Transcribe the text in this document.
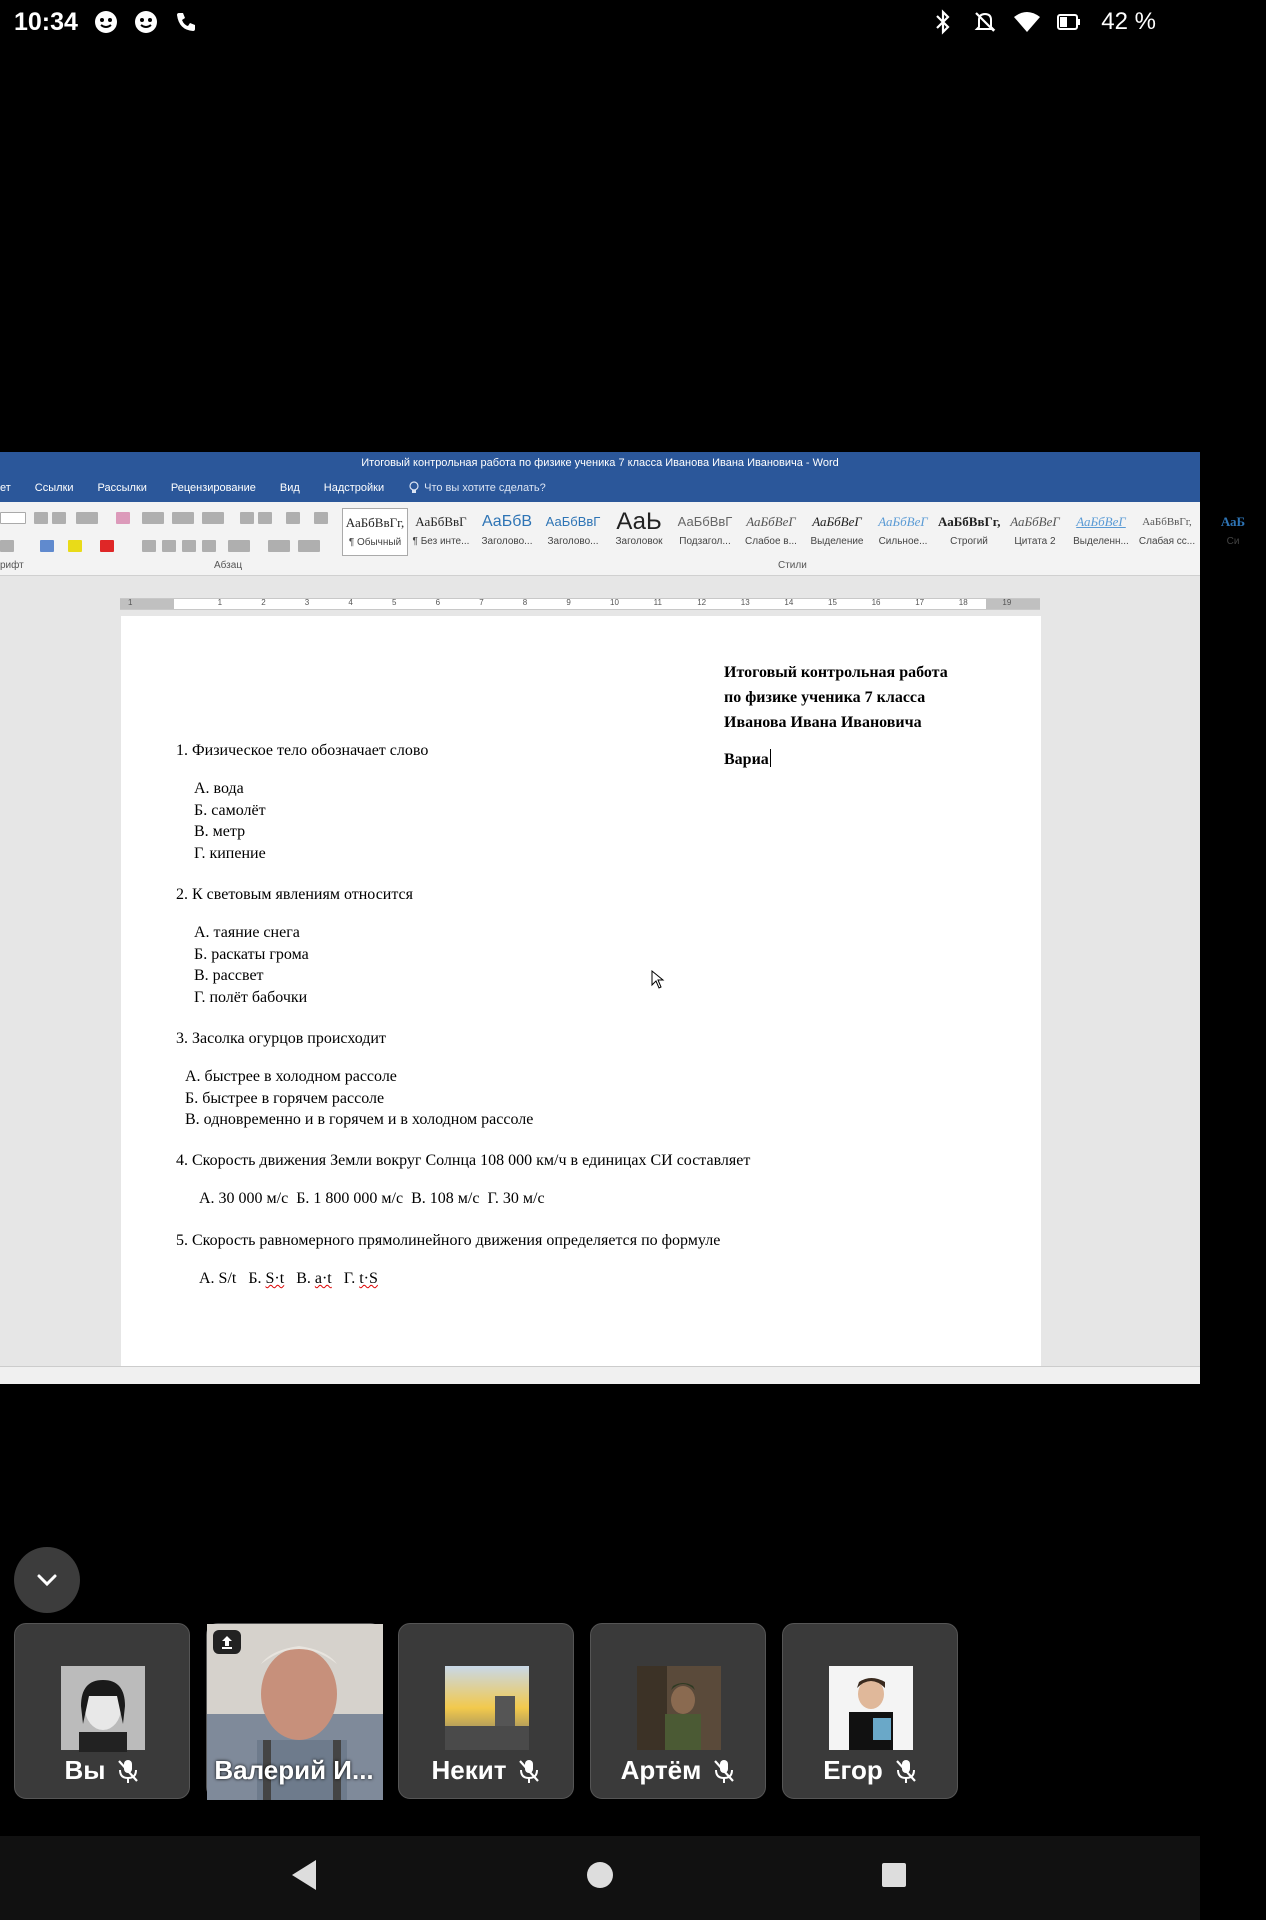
10:34	42 %
Итоговый контрольная работа по физике ученика 7 класса Иванова Ивана Ивановича - Word
ет Ссылки Рассылки Рецензирование Вид Надстройки	Что вы хотите сделать?
рифт	Абзац	Стили
АаБбВвГг,
¶ Обычный
АаБбВвГ
¶ Без инте...
АаБбВ
Заголово...
АаБбВвГ
Заголово...
АаЬ
Заголовок
АаБбВвГ
Подзагол...
АаБбВеГ
Слабое в...
АаБбВеГ
Выделение
АаБбВеГ
Сильное...
АаБбВвГг,
Строгий
АаБбВеГ
Цитата 2
АаБбВеГ
Выделенн...
АаБбВвГг,
Слабая сс...
АаБ
Си
1	1	2	3	4	5	6	7	8	9	10	11	12	13	14	15	16	17	18	19
Итоговый контрольная работа
по физике ученика 7 класса
Иванова Ивана Ивановича
Вариа
1. Физическое тело обозначает слово
А. вода
Б. самолёт
В. метр
Г. кипение
2. К световым явлениям относится
А. таяние снега
Б. раскаты грома
В. рассвет
Г. полёт бабочки
3. Засолка огурцов происходит
А. быстрее в холодном рассоле
Б. быстрее в горячем рассоле
В. одновременно и в горячем и в холодном рассоле
4. Скорость движения Земли вокруг Солнца 108 000 км/ч в единицах СИ составляет
А. 30 000 м/с Б. 1 800 000 м/с В. 108 м/с Г. 30 м/с
5. Скорость равномерного прямолинейного движения определяется по формуле
А. S/t Б. S·t В. a·t Г. t·S
Вы	Валерий И... Некит	Артём	Егор
